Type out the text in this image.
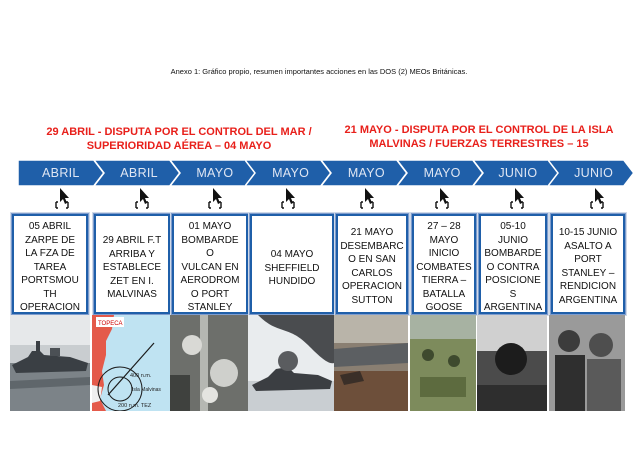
Anexo 1: Gráfico propio, resumen importantes acciones en las DOS (2) MEOs Británicas.
29 ABRIL - DISPUTA POR EL CONTROL DEL MAR / SUPERIORIDAD AÉREA – 04 MAYO
21 MAYO - DISPUTA POR EL CONTROL DE LA ISLA MALVINAS / FUERZAS TERRESTRES – 15
ABRIL	ABRIL	MAYO	MAYO	MAYO	MAYO	JUNIO	JUNIO
05 ABRIL
ZARPE DE
LA FZA DE
TAREA
PORTSMOU
TH
OPERACION
29 ABRIL F.T
ARRIBA Y
ESTABLECE
ZET EN I.
MALVINAS
01 MAYO
BOMBARDE
O
VULCAN EN
AERODROM
O PORT
STANLEY
04 MAYO
SHEFFIELD
HUNDIDO
21 MAYO
DESEMBARC
O EN SAN
CARLOS
OPERACION
SUTTON
27 – 28
MAYO
INICIO
COMBATES
TIERRA –
BATALLA
GOOSE
05-10
JUNIO
BOMBARDE
O CONTRA
POSICIONE
S
ARGENTINA
10-15 JUNIO
ASALTO A
PORT
STANLEY –
RENDICION
ARGENTINA
TOPECA
400 n.m.
Isla Malvinas
200 n.m. TEZ
